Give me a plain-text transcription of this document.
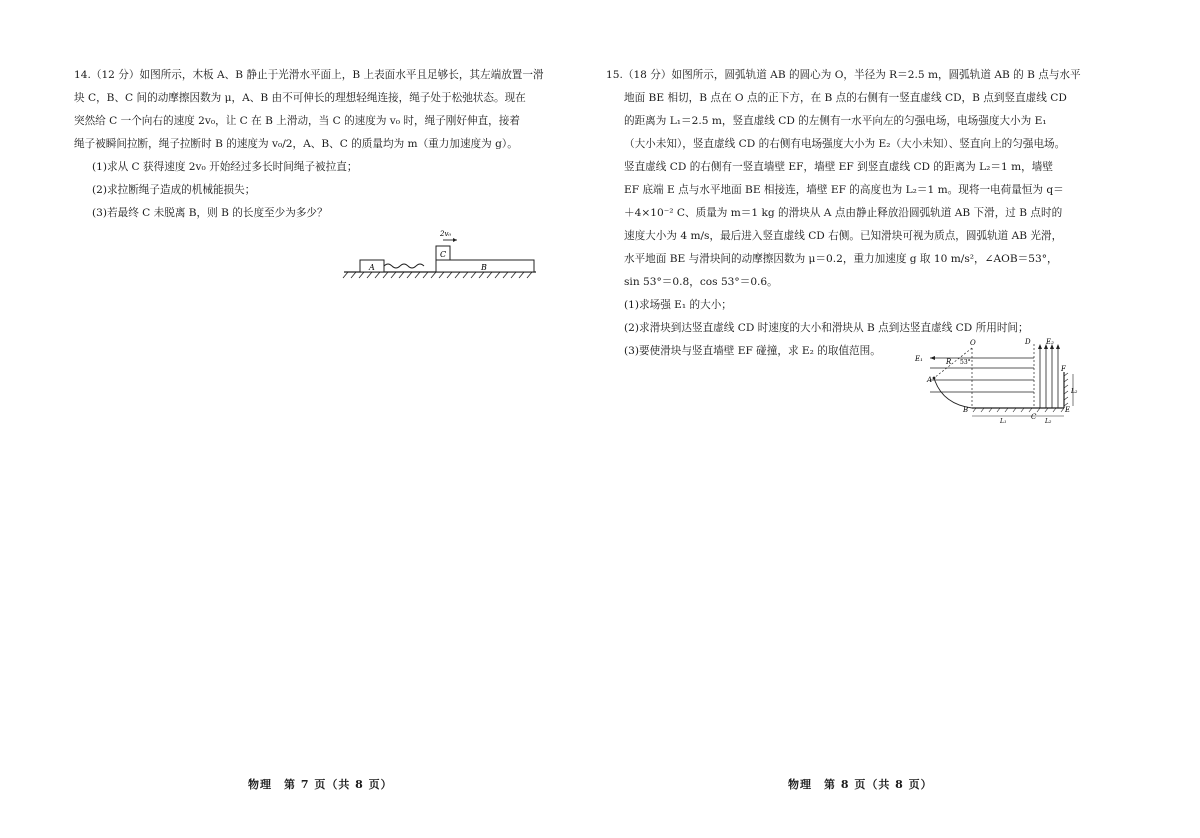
14.（12 分）如图所示，木板 A、B 静止于光滑水平面上，B 上表面水平且足够长，其左端放置一滑
块 C，B、C 间的动摩擦因数为 μ，A、B 由不可伸长的理想轻绳连接，绳子处于松弛状态。现在
突然给 C 一个向右的速度 2v₀，让 C 在 B 上滑动，当 C 的速度为 v₀ 时，绳子刚好伸直，接着
绳子被瞬间拉断，绳子拉断时 B 的速度为 v₀/2，A、B、C 的质量均为 m（重力加速度为 g）。
(1)求从 C 获得速度 2v₀ 开始经过多长时间绳子被拉直；
(2)求拉断绳子造成的机械能损失；
(3)若最终 C 未脱离 B，则 B 的长度至少为多少？
A	B
C
2v₀
物理　第 7 页（共 8 页）
15.（18 分）如图所示，圆弧轨道 AB 的圆心为 O，半径为 R＝2.5 m，圆弧轨道 AB 的 B 点与水平
地面 BE 相切，B 点在 O 点的正下方，在 B 点的右侧有一竖直虚线 CD，B 点到竖直虚线 CD
的距离为 L₁＝2.5 m，竖直虚线 CD 的左侧有一水平向左的匀强电场，电场强度大小为 E₁
（大小未知），竖直虚线 CD 的右侧有电场强度大小为 E₂（大小未知）、竖直向上的匀强电场。
竖直虚线 CD 的右侧有一竖直墙壁 EF，墙壁 EF 到竖直虚线 CD 的距离为 L₂＝1 m，墙壁
EF 底端 E 点与水平地面 BE 相接连，墙壁 EF 的高度也为 L₂＝1 m。现将一电荷量恒为 q＝
＋4×10⁻² C、质量为 m＝1 kg 的滑块从 A 点由静止释放沿圆弧轨道 AB 下滑，过 B 点时的
速度大小为 4 m/s，最后进入竖直虚线 CD 右侧。已知滑块可视为质点，圆弧轨道 AB 光滑，
水平地面 BE 与滑块间的动摩擦因数为 μ＝0.2，重力加速度 g 取 10 m/s²，∠AOB＝53°，
sin 53°＝0.8，cos 53°＝0.6。
(1)求场强 E₁ 的大小；
(2)求滑块到达竖直虚线 CD 时速度的大小和滑块从 B 点到达竖直虚线 CD 所用时间；
(3)要使滑块与竖直墙壁 EF 碰撞，求 E₂ 的取值范围。
E₁
O
R 53°
A
D E₂
F
L₂
B
C
E
L₁	L₂
物理　第 8 页（共 8 页）
